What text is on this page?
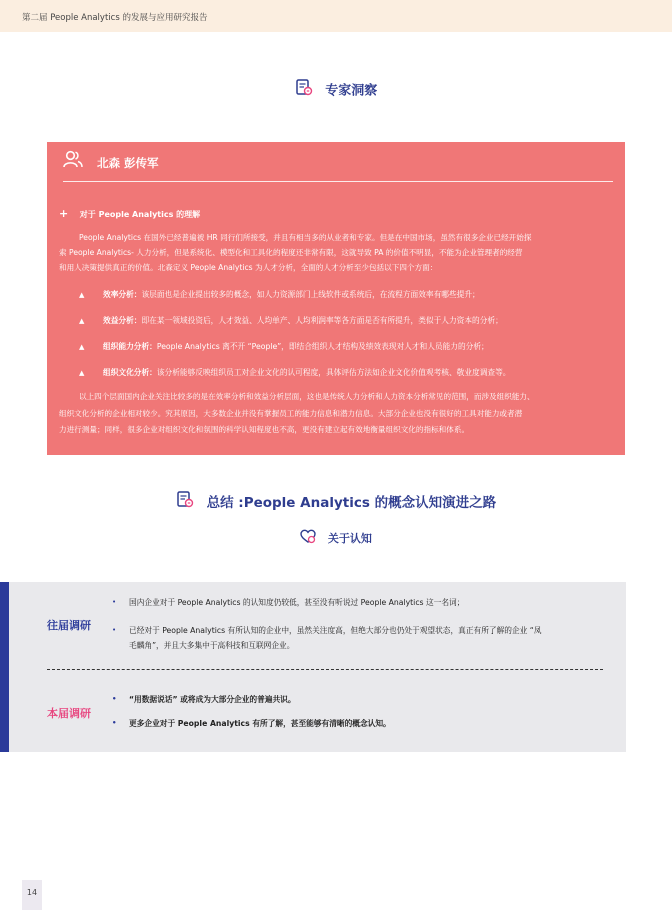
第二届 People Analytics 的发展与应用研究报告
专家洞察
北森 彭传军
+ 对于 People Analytics 的理解
People Analytics 在国外已经普遍被 HR 同行们所接受，并且有相当多的从业者和专家。但是在中国市场，虽然有很多企业已经开始探
索 People Analytics- 人力分析，但是系统化、模型化和工具化的程度还非常有限，这就导致 PA 的价值不明显，不能为企业管理者的经营
和用人决策提供真正的价值。北森定义 People Analytics 为人才分析，全面的人才分析至少包括以下四个方面：
▲ 效率分析：该层面也是企业提出较多的概念，如人力资源部门上线软件或系统后，在流程方面效率有哪些提升；
▲ 效益分析：即在某一领域投资后，人才效益、人均单产、人均利润率等各方面是否有所提升，类似于人力资本的分析；
▲ 组织能力分析：People Analytics 离不开 “People”，即结合组织人才结构及绩效表现对人才和人员能力的分析；
▲ 组织文化分析：该分析能够反映组织员工对企业文化的认可程度，具体评估方法如企业文化价值观考核、敬业度调查等。
以上四个层面国内企业关注比较多的是在效率分析和效益分析层面，这也是传统人力分析和人力资本分析常见的范围，而涉及组织能力、
组织文化分析的企业相对较少。究其原因，大多数企业并没有掌握员工的能力信息和潜力信息。大部分企业也没有很好的工具对能力或者潜
力进行测量；同样，很多企业对组织文化和氛围的科学认知程度也不高，更没有建立起有效地衡量组织文化的指标和体系。
总结 :People Analytics 的概念认知演进之路
关于认知
往届调研
• 国内企业对于 People Analytics 的认知度仍较低，甚至没有听说过 People Analytics 这一名词；
• 已经对于 People Analytics 有所认知的企业中，虽然关注度高，但绝大部分也仍处于观望状态，真正有所了解的企业 “凤
毛麟角”，并且大多集中于高科技和互联网企业。
本届调研
• “用数据说话” 或将成为大部分企业的普遍共识。
• 更多企业对于 People Analytics 有所了解，甚至能够有清晰的概念认知。
14
